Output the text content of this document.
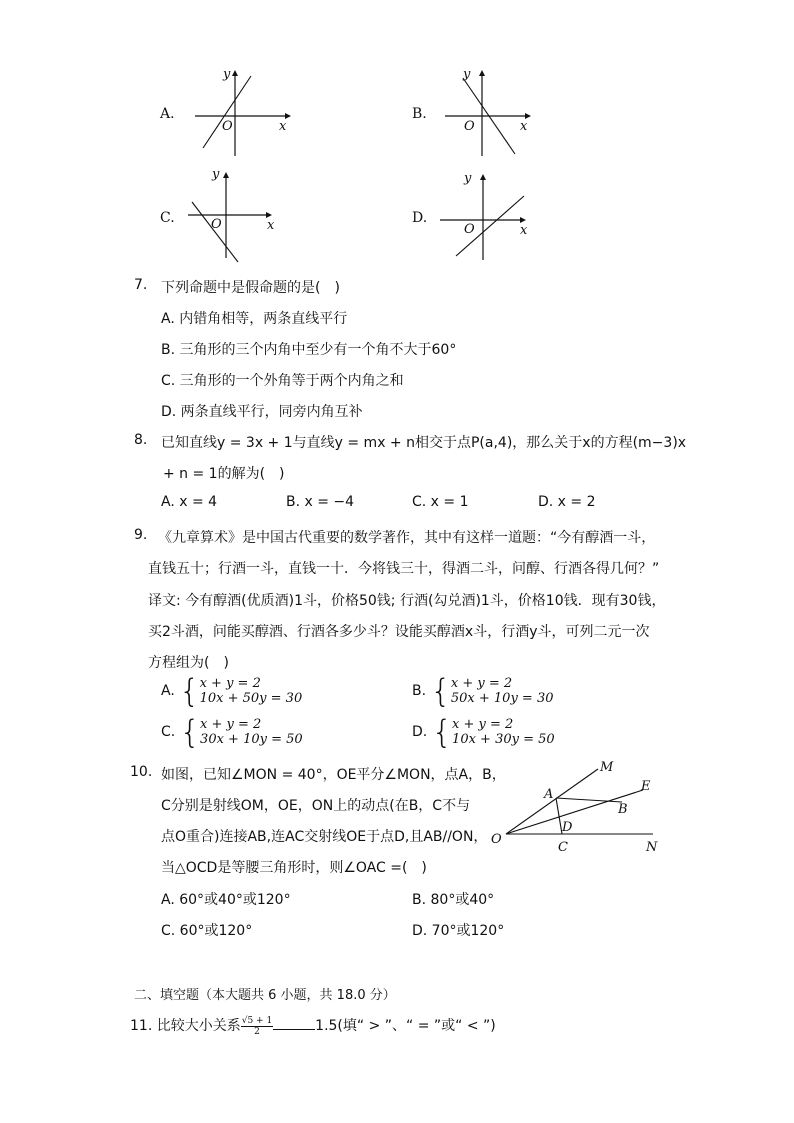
A.
y
x
O
B.
y
x
O
C.
y
x
O	D.
y
x
O
7. 下列命题中是假命题的是(　)
A. 内错角相等，两条直线平行
B. 三角形的三个内角中至少有一个角不大于60°
C. 三角形的一个外角等于两个内角之和
D. 两条直线平行，同旁内角互补
8. 已知直线y = 3x + 1与直线y = mx + n相交于点P(a,4)，那么关于x的方程(m−3)x
+ n = 1的解为(　)
A. x = 4	B. x = −4	C. x = 1	D. x = 2
9. 《九章算术》是中国古代重要的数学著作，其中有这样一道题：“今有醇酒一斗，
直钱五十；行酒一斗，直钱一十．今将钱三十，得酒二斗，问醇、行酒各得几何？”
译文: 今有醇酒(优质酒)1斗，价格50钱; 行酒(勾兑酒)1斗，价格10钱．现有30钱，
买2斗酒，问能买醇酒、行酒各多少斗？设能买醇酒x斗，行酒y斗，可列二元一次
方程组为(　)
A. {x + y = 2
10x + 50y = 30	B. {x + y = 2
50x + 10y = 30
C. {x + y = 2
30x + 10y = 50	D. {x + y = 2
10x + 30y = 50
10. 如图，已知∠MON = 40°，OE平分∠MON，点A，B，
C分别是射线OM，OE，ON上的动点(在B，C不与
点O重合)连接AB,连AC交射线OE于点D,且AB//ON，
当△OCD是等腰三角形时，则∠OAC =(　)
A. 60°或40°或120°	B. 80°或40°
C. 60°或120°	D. 70°或120°
M
E
A
B
D
O
C	N
二、填空题（本大题共 6 小题，共 18.0 分）
11. 比较大小关系 $\frac{√5 + 1}{2}$	1.5(填“ > ”、“ = ”或“ < ”)
